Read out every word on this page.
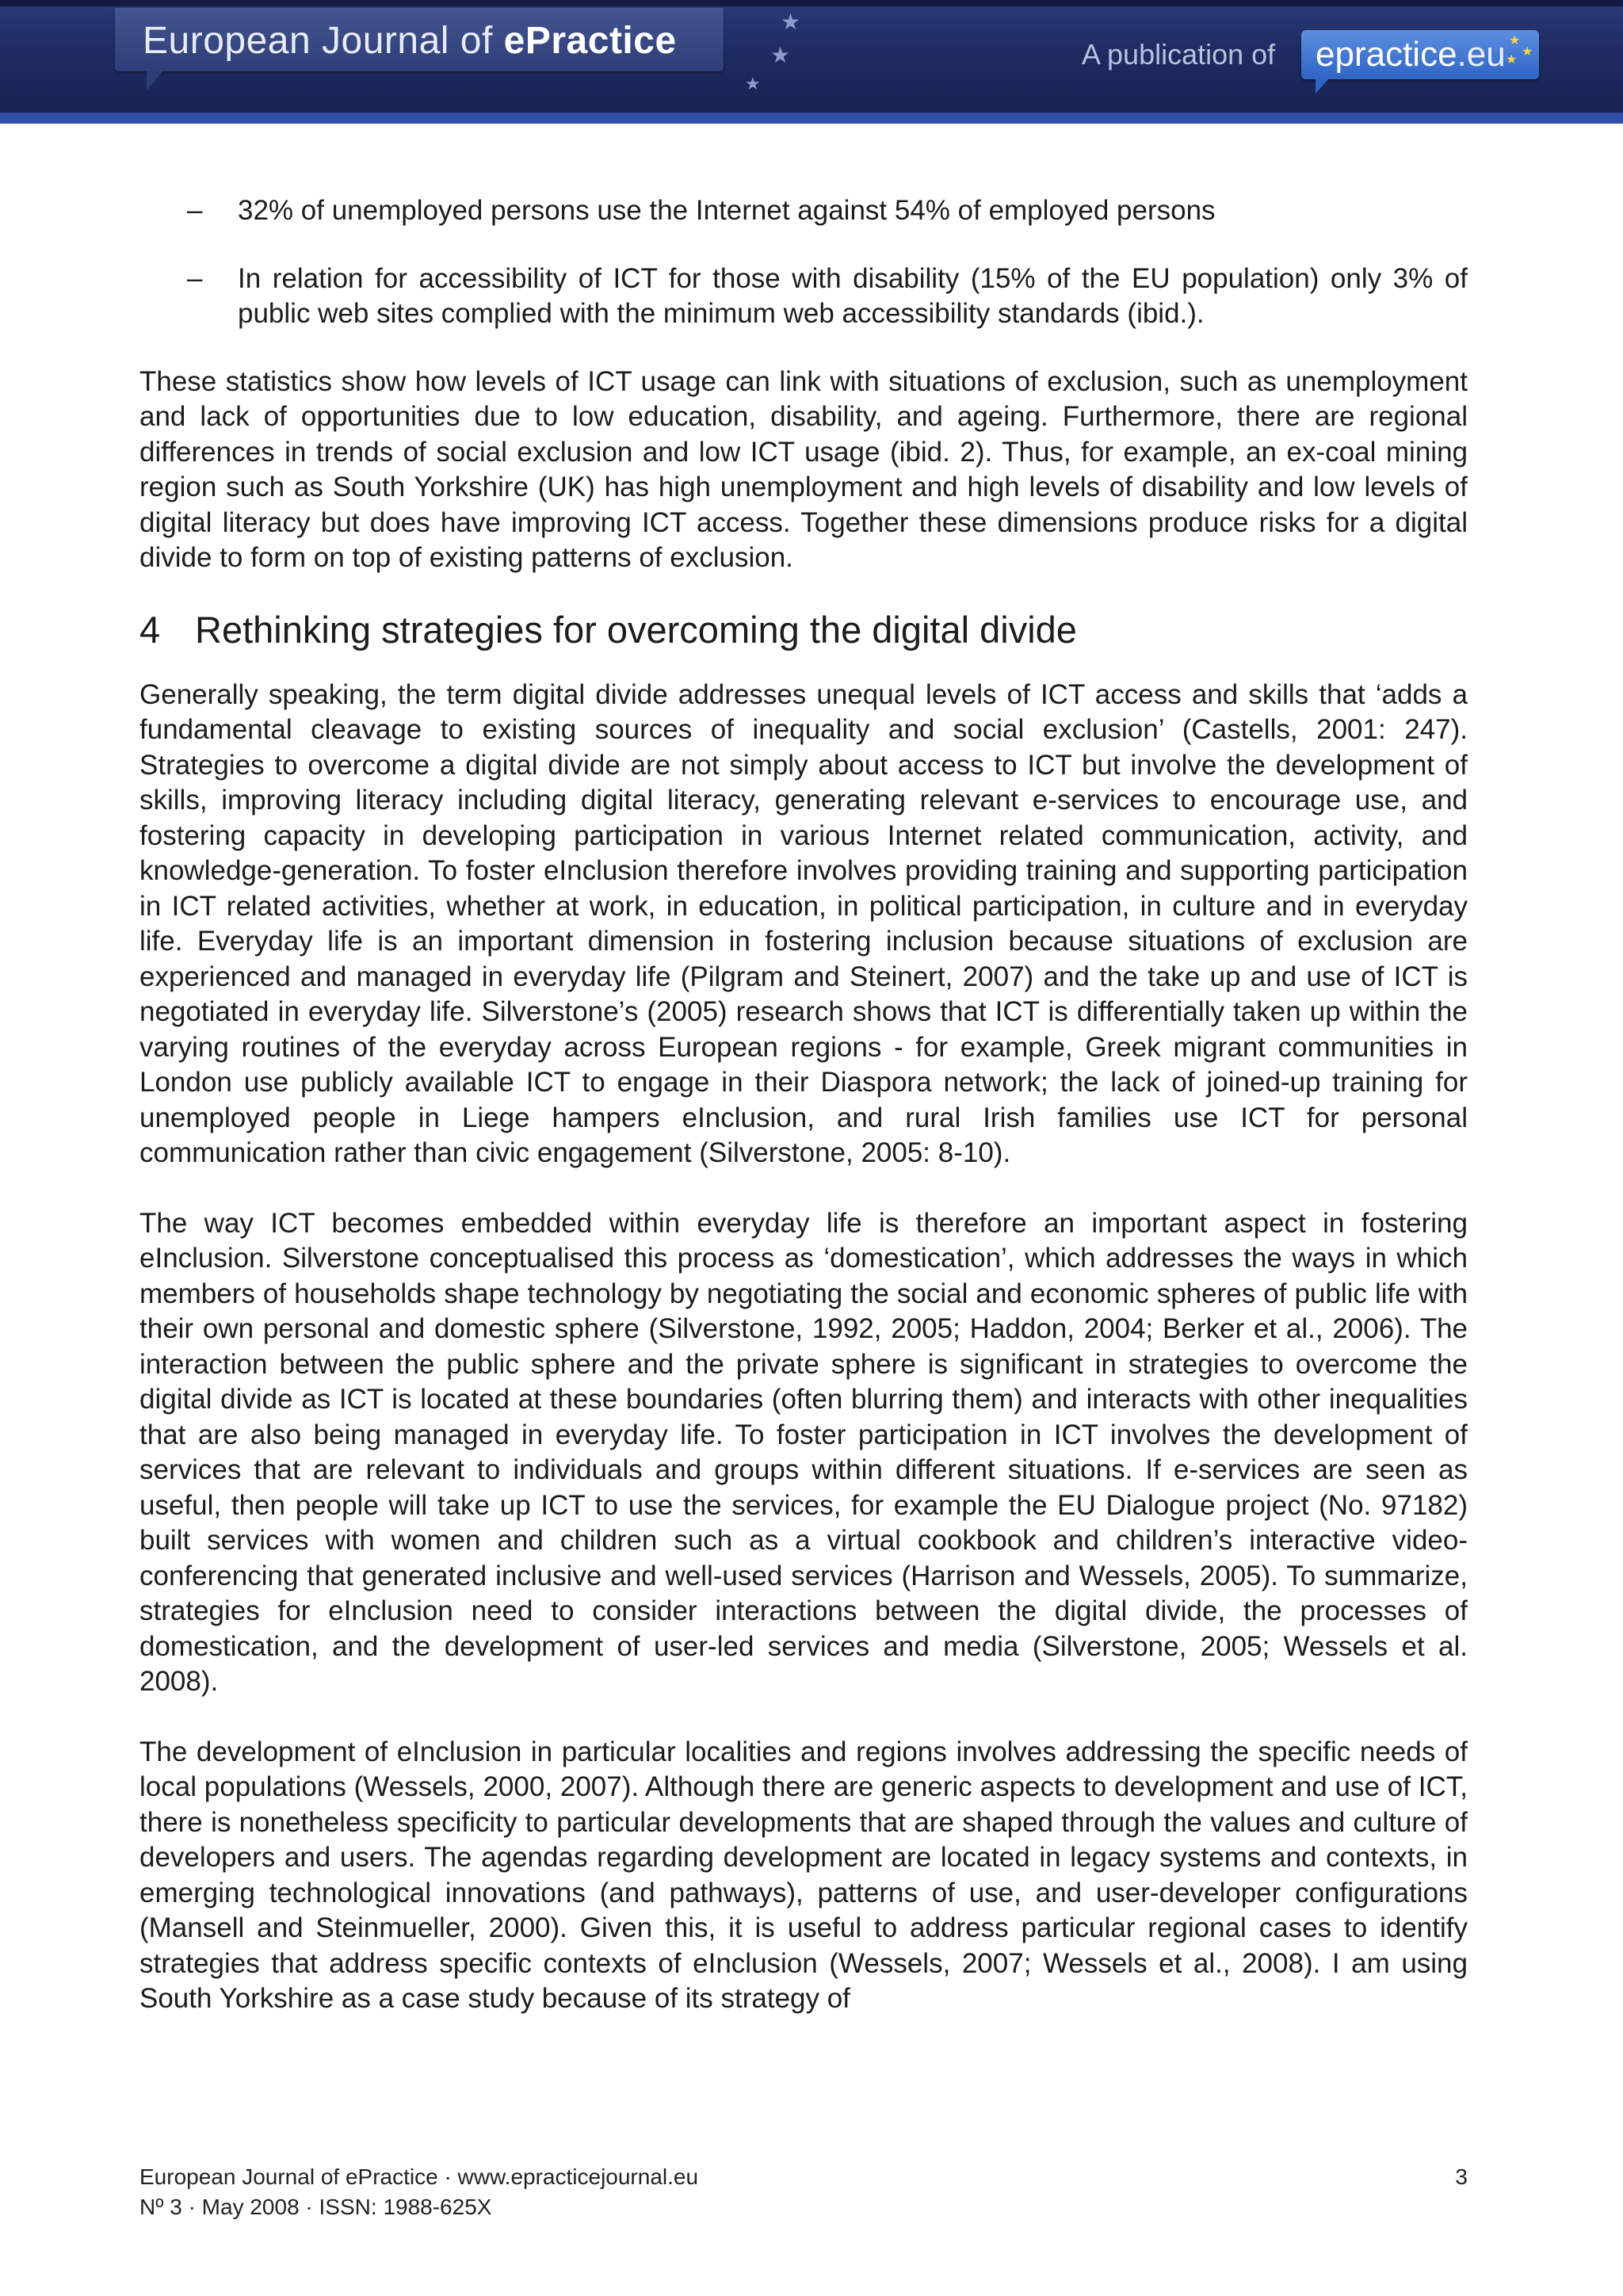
European Journal of ePractice	★
★
★
A publication of epractice.eu ★
★
★
– 32% of unemployed persons use the Internet against 54% of employed persons
– In relation for accessibility of ICT for those with disability (15% of the EU population) only 3% of public web sites complied with the minimum web accessibility standards (ibid.).

These statistics show how levels of ICT usage can link with situations of exclusion, such as unemployment and lack of opportunities due to low education, disability, and ageing. Furthermore, there are regional differences in trends of social exclusion and low ICT usage (ibid. 2). Thus, for example, an ex-coal mining region such as South Yorkshire (UK) has high unemployment and high levels of disability and low levels of digital literacy but does have improving ICT access. Together these dimensions produce risks for a digital divide to form on top of existing patterns of exclusion.

4 Rethinking strategies for overcoming the digital divide

Generally speaking, the term digital divide addresses unequal levels of ICT access and skills that ‘adds a fundamental cleavage to existing sources of inequality and social exclusion’ (Castells, 2001: 247). Strategies to overcome a digital divide are not simply about access to ICT but involve the development of skills, improving literacy including digital literacy, generating relevant e-services to encourage use, and fostering capacity in developing participation in various Internet related communication, activity, and knowledge-generation. To foster eInclusion therefore involves providing training and supporting participation in ICT related activities, whether at work, in education, in political participation, in culture and in everyday life. Everyday life is an important dimension in fostering inclusion because situations of exclusion are experienced and managed in everyday life (Pilgram and Steinert, 2007) and the take up and use of ICT is negotiated in everyday life. Silverstone’s (2005) research shows that ICT is differentially taken up within the varying routines of the everyday across European regions - for example, Greek migrant communities in London use publicly available ICT to engage in their Diaspora network; the lack of joined-up training for unemployed people in Liege hampers eInclusion, and rural Irish families use ICT for personal communication rather than civic engagement (Silverstone, 2005: 8-10).

The way ICT becomes embedded within everyday life is therefore an important aspect in fostering eInclusion. Silverstone conceptualised this process as ‘domestication’, which addresses the ways in which members of households shape technology by negotiating the social and economic spheres of public life with their own personal and domestic sphere (Silverstone, 1992, 2005; Haddon, 2004; Berker et al., 2006). The interaction between the public sphere and the private sphere is significant in strategies to overcome the digital divide as ICT is located at these boundaries (often blurring them) and interacts with other inequalities that are also being managed in everyday life. To foster participation in ICT involves the development of services that are relevant to individuals and groups within different situations. If e-services are seen as useful, then people will take up ICT to use the services, for example the EU Dialogue project (No. 97182) built services with women and children such as a virtual cookbook and children’s interactive video-conferencing that generated inclusive and well-used services (Harrison and Wessels, 2005). To summarize, strategies for eInclusion need to consider interactions between the digital divide, the processes of domestication, and the development of user-led services and media (Silverstone, 2005; Wessels et al. 2008).

The development of eInclusion in particular localities and regions involves addressing the specific needs of local populations (Wessels, 2000, 2007). Although there are generic aspects to development and use of ICT, there is nonetheless specificity to particular developments that are shaped through the values and culture of developers and users. The agendas regarding development are located in legacy systems and contexts, in emerging technological innovations (and pathways), patterns of use, and user-developer configurations (Mansell and Steinmueller, 2000). Given this, it is useful to address particular regional cases to identify strategies that address specific contexts of eInclusion (Wessels, 2007; Wessels et al., 2008). I am using South Yorkshire as a case study because of its strategy of

European Journal of ePractice · www.epracticejournal.eu
Nº 3 · May 2008 · ISSN: 1988-625X
3
